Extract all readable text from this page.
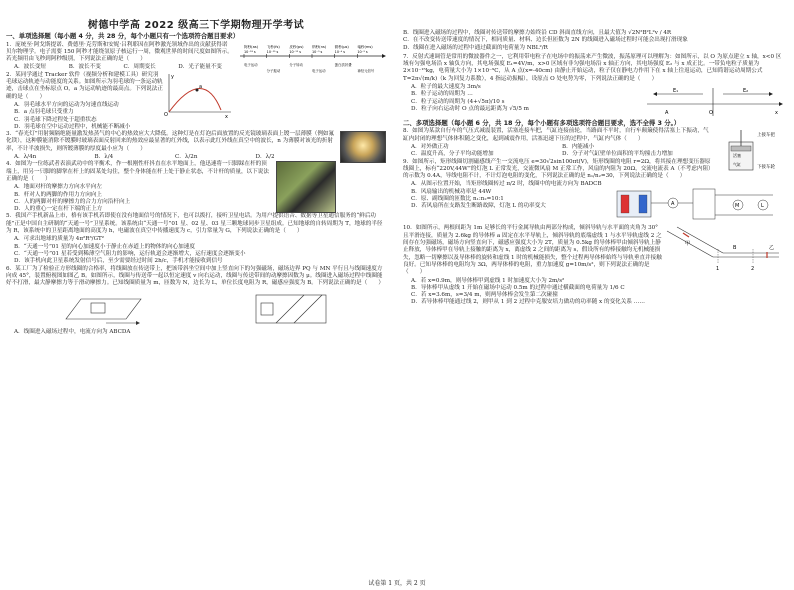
树德中学高 2022 级高三下学期物理开学考试
一、单项选择题（每小题 4 分，共 28 分，每个小题只有一个选项符合题目要求）
阿秒(as)
10⁻¹⁸ s
电子运动
飞秒(fs)
10⁻¹⁵ s
分子振动
皮秒(ps)
10⁻¹² s
分子转动
纳秒(ns)
10⁻⁹ s
电子运动
微秒(μs)
10⁻⁶ s
蛋白质折叠
毫秒(ms)
10⁻³ s
神经元信号

1．庞统至·阿戈斯提诺、费德里·克劳斯和安妮·吕利耶因在阿秒激光领域作出的贡献获得诺贝尔物理学。电子需要 150 阿秒才能绕氢原子核运行一周，微观世界的时间尺度如图所示。若光频用由飞秒到阿秒级别，下列说法正确的是（　　）

A．波长变短	B．波长不变	C．周期变长	D．光子能量不变
a
O
y
x

2．某同学通过 Tracker 软件（视频分析和建模工具）研究羽毛球运动轨迹与动能度的关系。如图所示为羽毛球的一条运动轨迹，击球点在坐标原点 O，a 为运动轨迹的最高点。下列说法正确的是（　　）

A．羽毛球水平方向的运动为匀速直线运动
B．a 点羽毛球只受重力
C．羽毛球下降过程处于超重状态
D．羽毛球在空中运动过程中，机械能不断减小

3．“春光灯”用射频隔绝能量激发热蒸气的中心的热效应大大降低。这种灯是在灯泡后面放置的反光镜玻璃表面上镀一层薄膜（例如氟化镁），这种膜能消除不镀膜时玻璃表面反射回来的热效应最显著的红外线，以表示此红外线在真空中的波长，n 为薄膜对该光的折射率，不计半波损失，则所镀薄膜的厚度最小应为（　　）

A．λ/4n	B．λ/4	C．λ/2n	D．λ/2

4．如图为一位练武者表演武功中的平衡术，作一根刚性杆抖直在水平地面上，他迅速将一只脚踩在杆的顶端上，用另一只脚的脚掌在杆上的固某处勾住，整个身体能在杆上处于静止状态，不计杆的质量，以下说法正确的是（　　）

A．地面对杆的摩擦力方向水平向左
B．杆对人的两脚的作用力方向向上
C．人的两脚对杆的摩擦力的合力方向沿杆向上
D．人的重心一定在杆下端的正上方

5．我国产手机新品上市，格有该手机若即使在没有地面信号的情况下，也可以拨打，接听卫星电话。为用户提供语音、数据等卫星通信服务的“鲜后功能”正是中国自主研制的“天通一号”卫星系统。该系统由“天通一号”01 星、02 星、03 星三颗地球同步卫星组成。已知地球的自转周期为 T，地球的半径为 R，该系统中的卫星距离地面的高度为 h，电磁波在真空中传播速度为 c，引力常量为 G，下列说法正确的是（　　）

A．可求出地球的质量为 4π²R³/GT²
B．“天通一号”01 星的向心加速度小于静止在赤道上的物体的向心加速度
C．“天通一号”01 星若受到稀薄空气阻力的影响，运行轨道会逐渐增大，运行速度会逐渐变小
D．该手机向此卫星系统发射信号后，至少需要经过时间 2h/c，手机才能接收到信号

6．某工厂为了检验正方形线圈的合格率，将线圈放在传送带上，把该带斜坐空间中加上竖直向下的匀强磁场，磁场边界 PQ 与 MN 平行且与线圈速度方向成 45°，装置俯视图如图乙 B。如图所示，线圈与传送带一起以恒定速度 v 向右运动，线圈与传送带间的动摩擦因数为 μ。线圈进入磁场过程中线圈能好不打滑，最大静摩擦力等于滑动摩擦力。已知线圈质量为 m，匝数为 N，边长为 L，单位长度电阻为 R，磁感应强度为 B。下列说法正确的是（　　）

A．线圈进入磁场过程中，电流方向为 ABCDA
B．线圈进入磁场的过程中，线圈对传送带的摩擦力始终沿 CD 斜面直线方向，且最大值为 √2N²B²L²v / 4R
C．在不改变传送带速度的情况下，相同质量、材料、边长但匝数为 2N 的线圈进入磁场过程时可能会出现打滑现象
D．线圈在进入磁场的过程中通过截面的电荷量为 NBL²/R

7．反射式速调管是常用的微波器件之一，它利用带电粒子在电场中的振荡来产生微波，振荡原理可以理解为：如图所示，以 O 为原点建立 x 轴，x<0 区域有匀强电场沿 x 轴负方向，其电场强度 E₁=4V/m，x>0 区域有非匀强电场沿 x 轴正方向，其电场强度 E₂ 与 x 成正比。一带负电粒子质量为 2×10⁻¹⁵kg，电荷量大小为 1×10⁻⁹C，从 A 点(x=-40cm) 由静止开始运动，粒子仅在静电力作用下在 x 轴上往返运动，已知简谐运动周期公式 T=2π√(m/k)（k 为回复力系数），4 指运动振幅），设原点 O 处电势为零，下列说法正确的是（　　）

E₁	E₂
O	x
A
A．粒子的最大速度为 3m/s
B．粒子运动的周期为 …
C．粒子运动的周期为 (4+√5π)/10 s
D．粒子向右运动时 O 点的最远距离为 √5/5 m
二、多项选择题（每小题 6 分，共 18 分，每个小题有多项选项符合题目要求，选不全得 3 分。）
上接车把
下接车轮
活塞
气缸

8．如图为某款自行车的气压式减震装置，活塞连接车把，气缸连接前轮，当路面不平时，自行车颠簸使得活塞上下振动，气缸内封闭的理想气体体积随之变化，起到减震作用，活塞迅速下压的过程中，气缸内气体（　　）

A．对外做正功	B．内能减小
C．温度升高，分子平均动能增加	D．分子对气缸壁单位面积的平均撞击力增加

9．如图所示，矩形线圈切割磁感线产生一交流电压 e=30√2sin100πt(V)，矩形线圈的电阻 r=2Ω，将其接在理想变压器原线圈上，标有“220V,44W”的灯泡 L 正常发光，交流微风扇 M 正常工作，风扇的内阻为 20Ω，交流电流表 A（不考虑内阻）的示数为 0.4A，导线电阻不计，不计灯泡电阻的变化，下列说法正确的是 n₁/n₂=30，下列说法正确的是（　　）

A	M	L
A．从图示位置开始，当矩形线圈转过 π/2 时，线圈中的电流方向为 BADCB
B．风扇输出的机械功率是 44W
C．原、副线圈的匝数比 n₁:n₂=10:1
D．若风扇所在支路发生断路故障，灯泡 L 的功率变大
甲
乙
1	2
B

10．如图所示，两根间距为 1m 足够长的平行金属导轨由两部分构成，倾斜导轨与水平面的夹角为 30°且平滑连接，质量为 2.6kg 的导体棒 a 固定在水平导轨上，倾斜导轨的底端虚线 1 与水平导轨虚线 2 之间存在匀强磁场，磁场方向竖直向下，磁感应强度大小为 2T，质量为 0.5kg 的导体棒甲由倾斜导轨上静止释放，导体棒甲在导轨上接触的距离为 x，离虚线 2 之间的距离为 s，假设所有的棒接触均无机械能损失，忽略一切摩擦以及导体棒的旋转和虚线 1 时的机械能损失，整个过程两导体棒始终与导轨垂直并接触良好。已知导体棒的电阻均为 3Ω，两导体棒的电阻，重力加速度 g=10m/s²，则下列说法正确的是（　　）

A．若 x=0.9m，则导体棒甲到虚线 1 时加速度大小为 2m/s²
B．导体棒甲从虚线 1 开始在磁场中运动 0.5m 的过程中通过横截面的电荷量为 1/6 C
C．若 x=3.6m，s=3/4 m，则两导体棒会发生第二次碰撞
D．若导体棒甲能通过线 2，则甲从 1 到 2 过程中克服安培力做功的功率随 x 的变化关系 ……
试卷第 1 页，共 2 页
